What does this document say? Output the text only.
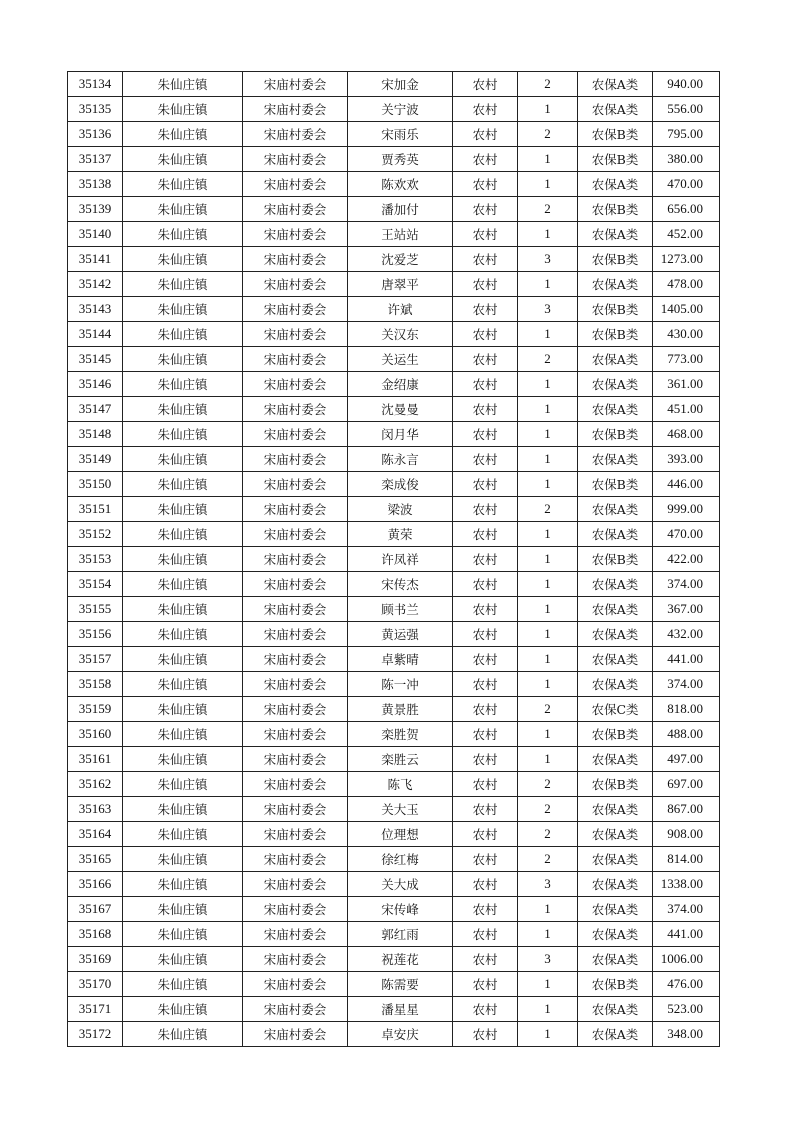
35134	朱仙庄镇	宋庙村委会	宋加金	农村	2	农保A类	940.00
35135	朱仙庄镇	宋庙村委会	关宁波	农村	1	农保A类	556.00
35136	朱仙庄镇	宋庙村委会	宋雨乐	农村	2	农保B类	795.00
35137	朱仙庄镇	宋庙村委会	贾秀英	农村	1	农保B类	380.00
35138	朱仙庄镇	宋庙村委会	陈欢欢	农村	1	农保A类	470.00
35139	朱仙庄镇	宋庙村委会	潘加付	农村	2	农保B类	656.00
35140	朱仙庄镇	宋庙村委会	王站站	农村	1	农保A类	452.00
35141	朱仙庄镇	宋庙村委会	沈爱芝	农村	3	农保B类	1273.00
35142	朱仙庄镇	宋庙村委会	唐翠平	农村	1	农保A类	478.00
35143	朱仙庄镇	宋庙村委会	许斌	农村	3	农保B类	1405.00
35144	朱仙庄镇	宋庙村委会	关汉东	农村	1	农保B类	430.00
35145	朱仙庄镇	宋庙村委会	关运生	农村	2	农保A类	773.00
35146	朱仙庄镇	宋庙村委会	金绍康	农村	1	农保A类	361.00
35147	朱仙庄镇	宋庙村委会	沈曼曼	农村	1	农保A类	451.00
35148	朱仙庄镇	宋庙村委会	闵月华	农村	1	农保B类	468.00
35149	朱仙庄镇	宋庙村委会	陈永言	农村	1	农保A类	393.00
35150	朱仙庄镇	宋庙村委会	栾成俊	农村	1	农保B类	446.00
35151	朱仙庄镇	宋庙村委会	梁波	农村	2	农保A类	999.00
35152	朱仙庄镇	宋庙村委会	黄荣	农村	1	农保A类	470.00
35153	朱仙庄镇	宋庙村委会	许凤祥	农村	1	农保B类	422.00
35154	朱仙庄镇	宋庙村委会	宋传杰	农村	1	农保A类	374.00
35155	朱仙庄镇	宋庙村委会	顾书兰	农村	1	农保A类	367.00
35156	朱仙庄镇	宋庙村委会	黄运强	农村	1	农保A类	432.00
35157	朱仙庄镇	宋庙村委会	卓紫晴	农村	1	农保A类	441.00
35158	朱仙庄镇	宋庙村委会	陈一冲	农村	1	农保A类	374.00
35159	朱仙庄镇	宋庙村委会	黄景胜	农村	2	农保C类	818.00
35160	朱仙庄镇	宋庙村委会	栾胜贺	农村	1	农保B类	488.00
35161	朱仙庄镇	宋庙村委会	栾胜云	农村	1	农保A类	497.00
35162	朱仙庄镇	宋庙村委会	陈飞	农村	2	农保B类	697.00
35163	朱仙庄镇	宋庙村委会	关大玉	农村	2	农保A类	867.00
35164	朱仙庄镇	宋庙村委会	位理想	农村	2	农保A类	908.00
35165	朱仙庄镇	宋庙村委会	徐红梅	农村	2	农保A类	814.00
35166	朱仙庄镇	宋庙村委会	关大成	农村	3	农保A类	1338.00
35167	朱仙庄镇	宋庙村委会	宋传峰	农村	1	农保A类	374.00
35168	朱仙庄镇	宋庙村委会	郭红雨	农村	1	农保A类	441.00
35169	朱仙庄镇	宋庙村委会	祝莲花	农村	3	农保A类	1006.00
35170	朱仙庄镇	宋庙村委会	陈需要	农村	1	农保B类	476.00
35171	朱仙庄镇	宋庙村委会	潘星星	农村	1	农保A类	523.00
35172	朱仙庄镇	宋庙村委会	卓安庆	农村	1	农保A类	348.00
